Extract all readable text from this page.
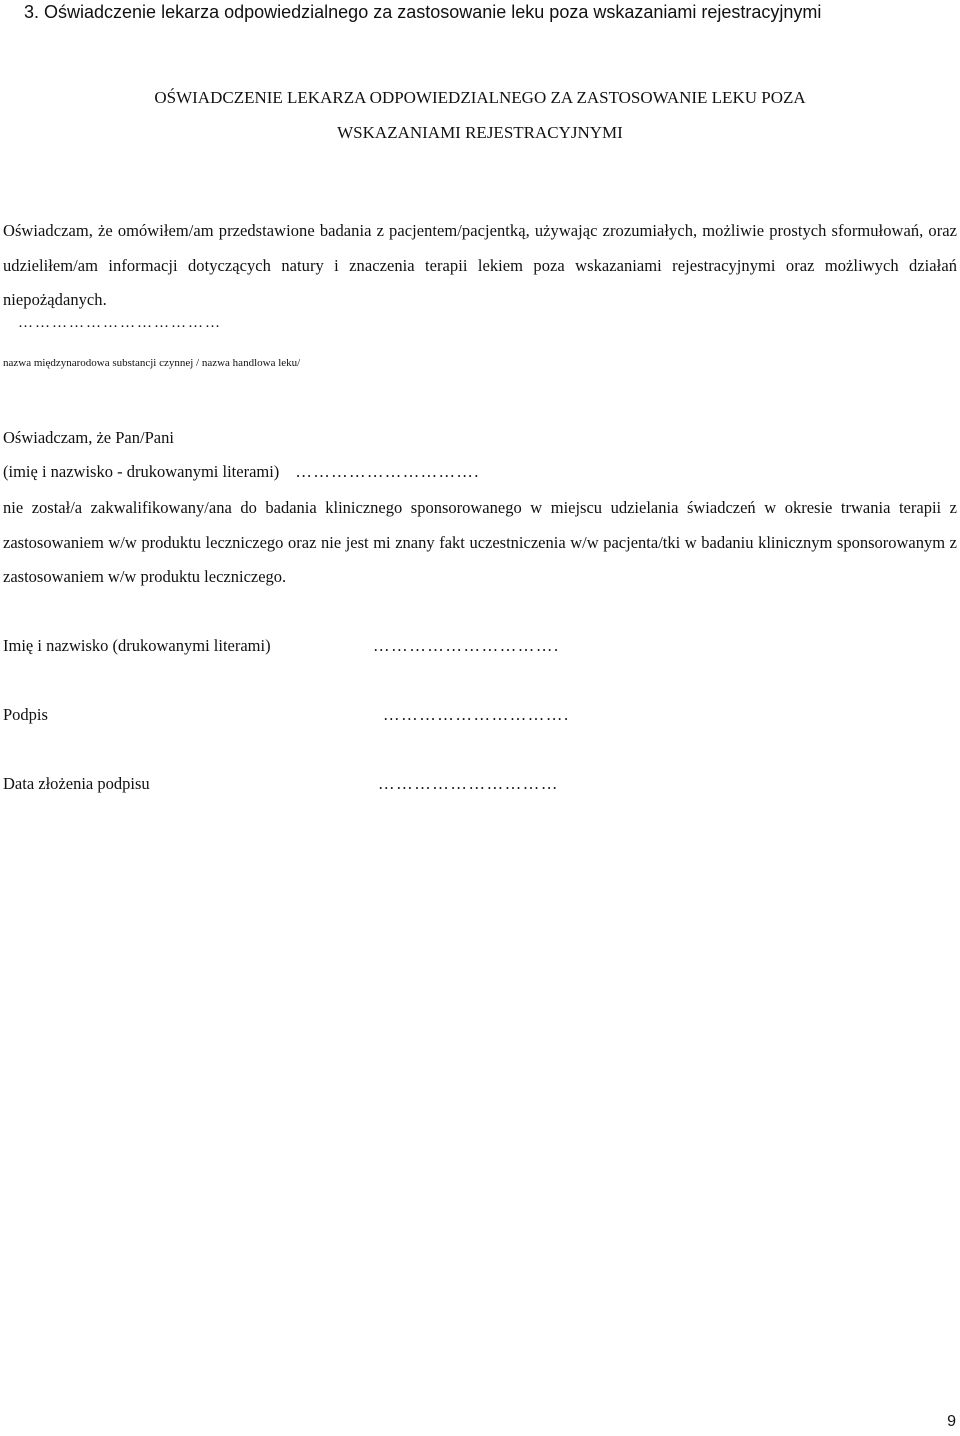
3. Oświadczenie lekarza odpowiedzialnego za zastosowanie leku poza wskazaniami rejestracyjnymi
OŚWIADCZENIE LEKARZA ODPOWIEDZIALNEGO ZA ZASTOSOWANIE LEKU POZA
WSKAZANIAMI REJESTRACYJNYMI

Oświadczam, że omówiłem/am przedstawione badania z pacjentem/pacjentką, używając zrozumiałych, możliwie prostych sformułowań, oraz udzieliłem/am informacji dotyczących natury i znaczenia terapii lekiem poza wskazaniami rejestracyjnymi oraz możliwych działań niepożądanych.

………………………………
nazwa międzynarodowa substancji czynnej / nazwa handlowa leku/
Oświadczam, że Pan/Pani
(imię i nazwisko - drukowanymi literami) ………………………….

nie został/a zakwalifikowany/ana do badania klinicznego sponsorowanego w miejscu udzielania świadczeń w okresie trwania terapii z zastosowaniem w/w produktu leczniczego oraz nie jest mi znany fakt uczestniczenia w/w pacjenta/tki w badaniu klinicznym sponsorowanym z zastosowaniem w/w produktu leczniczego.

Imię i nazwisko (drukowanymi literami)	………………………….
Podpis	………………………….
Data złożenia podpisu	…………………………
9
